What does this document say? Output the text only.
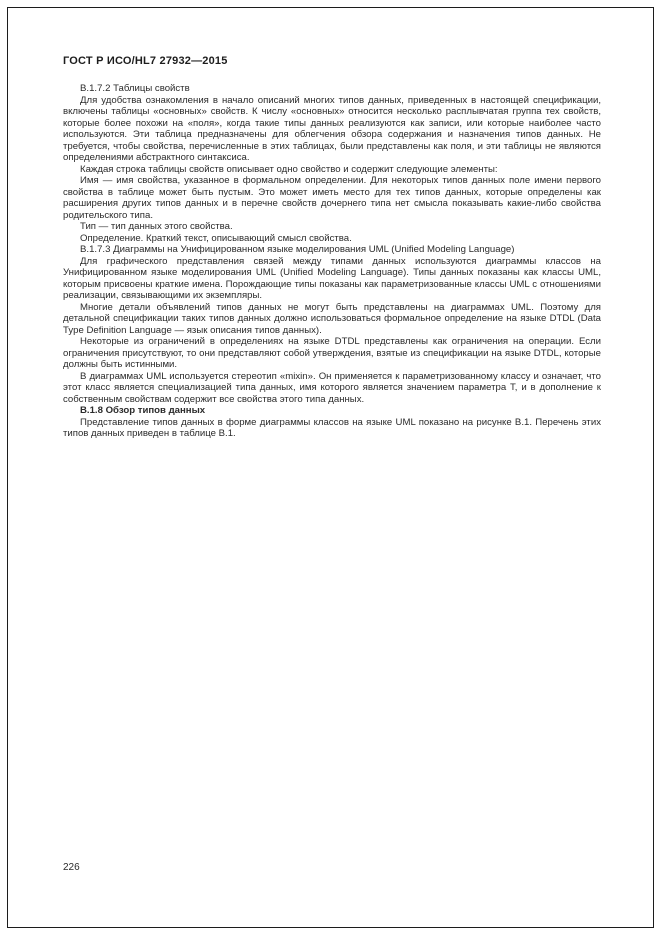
ГОСТ Р ИСО/HL7 27932—2015

В.1.7.2 Таблицы свойств

Для удобства ознакомления в начало описаний многих типов данных, приведенных в настоящей спецификации, включены таблицы «основных» свойств. К числу «основных» относится несколько расплывчатая группа тех свойств, которые более похожи на «поля», когда такие типы данных реализуются как записи, или которые наиболее часто используются. Эти таблица предназначены для облегчения обзора содержания и назначения типов данных. Не требуется, чтобы свойства, перечисленные в этих таблицах, были представлены как поля, и эти таблицы не являются определениями абстрактного синтаксиса.

Каждая строка таблицы свойств описывает одно свойство и содержит следующие элементы:

Имя — имя свойства, указанное в формальном определении. Для некоторых типов данных поле имени первого свойства в таблице может быть пустым. Это может иметь место для тех типов данных, которые определены как расширения других типов данных и в перечне свойств дочернего типа нет смысла показывать какие-либо свойства родительского типа.

Тип — тип данных этого свойства.

Определение. Краткий текст, описывающий смысл свойства.

В.1.7.3 Диаграммы на Унифицированном языке моделирования UML (Unified Modeling Language)

Для графического представления связей между типами данных используются диаграммы классов на Унифицированном языке моделирования UML (Unified Modeling Language). Типы данных показаны как классы UML, которым присвоены краткие имена. Порождающие типы показаны как параметризованные классы UML с отношениями реализации, связывающими их экземпляры.

Многие детали объявлений типов данных не могут быть представлены на диаграммах UML. Поэтому для детальной спецификации таких типов данных должно использоваться формальное определение на языке DTDL (Data Type Definition Language — язык описания типов данных).

Некоторые из ограничений в определениях на языке DTDL представлены как ограничения на операции. Если ограничения присутствуют, то они представляют собой утверждения, взятые из спецификации на языке DTDL, которые должны быть истинными.

В диаграммах UML используется стереотип «mixin». Он применяется к параметризованному классу и означает, что этот класс является специализацией типа данных, имя которого является значением параметра Т, и в дополнение к собственным свойствам содержит все свойства этого типа данных.

В.1.8 Обзор типов данных

Представление типов данных в форме диаграммы классов на языке UML показано на рисунке В.1. Перечень этих типов данных приведен в таблице В.1.

226
